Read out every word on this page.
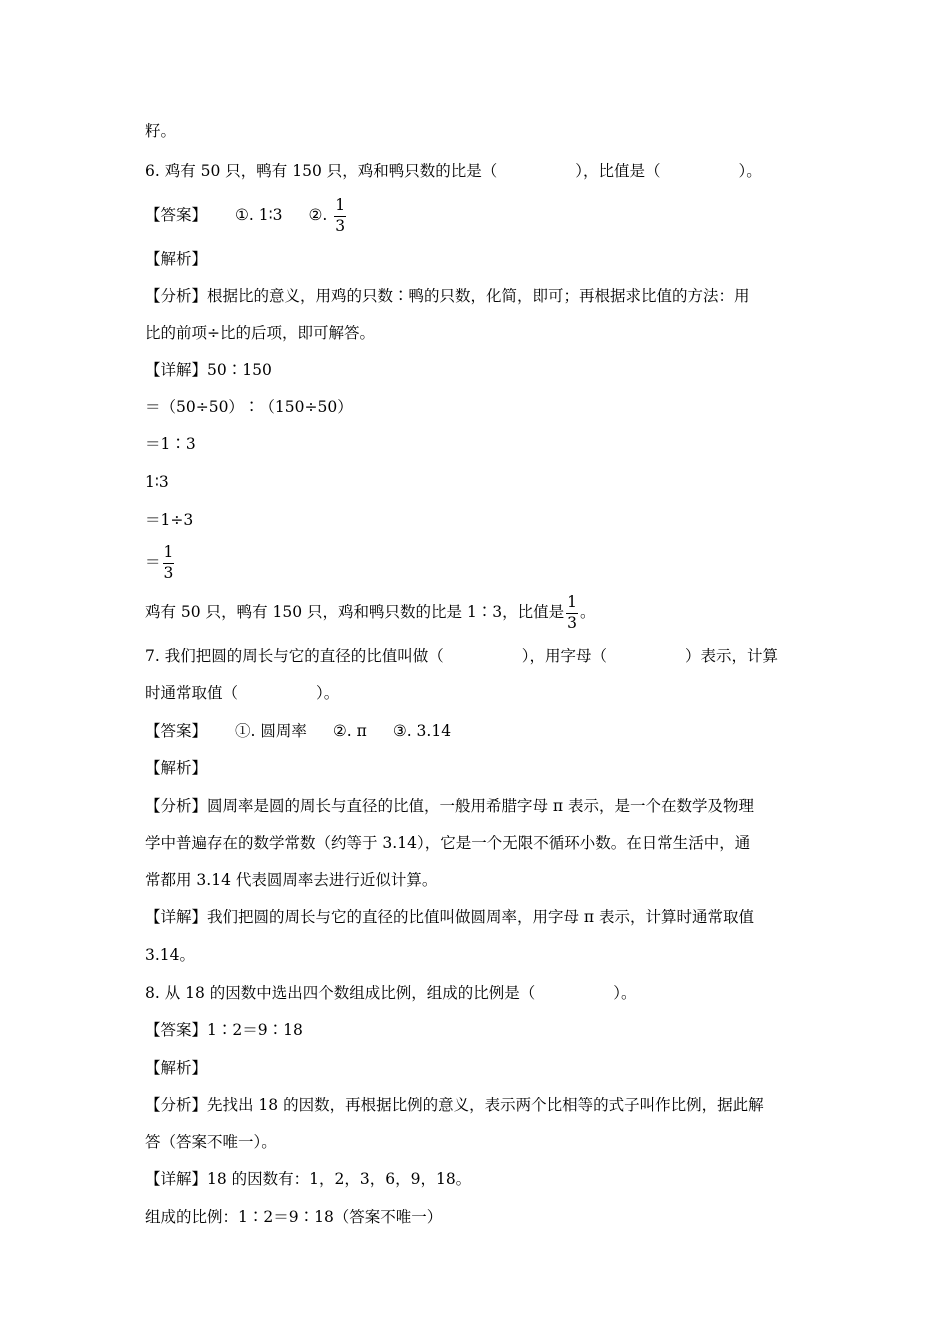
籽。
6. 鸡有 50 只，鸭有 150 只，鸡和鸭只数的比是（	），比值是（	）。
【答案】 ①. 1∶3 ②. $\frac{1}{3}$
【解析】
【分析】根据比的意义，用鸡的只数∶鸭的只数，化简，即可；再根据求比值的方法：用
比的前项÷比的后项，即可解答。
【详解】50∶150
＝（50÷50）∶（150÷50）
＝1∶3
1∶3
＝1÷3
＝ $\frac{1}{3}$
鸡有 50 只，鸭有 150 只，鸡和鸭只数的比是 1∶3，比值是 $\frac{1}{3}$ 。
7. 我们把圆的周长与它的直径的比值叫做（	），用字母（	）表示，计算
时通常取值（	）。
【答案】 ①. 圆周率 ②. π ③. 3.14
【解析】
【分析】圆周率是圆的周长与直径的比值，一般用希腊字母 π 表示，是一个在数学及物理
学中普遍存在的数学常数（约等于 3.14），它是一个无限不循环小数。在日常生活中，通
常都用 3.14 代表圆周率去进行近似计算。
【详解】我们把圆的周长与它的直径的比值叫做圆周率，用字母 π 表示，计算时通常取值
3.14。
8. 从 18 的因数中选出四个数组成比例，组成的比例是（	）。
【答案】1∶2＝9∶18
【解析】
【分析】先找出 18 的因数，再根据比例的意义，表示两个比相等的式子叫作比例，据此解
答（答案不唯一）。
【详解】18 的因数有：1，2，3，6，9，18。
组成的比例：1∶2＝9∶18（答案不唯一）
